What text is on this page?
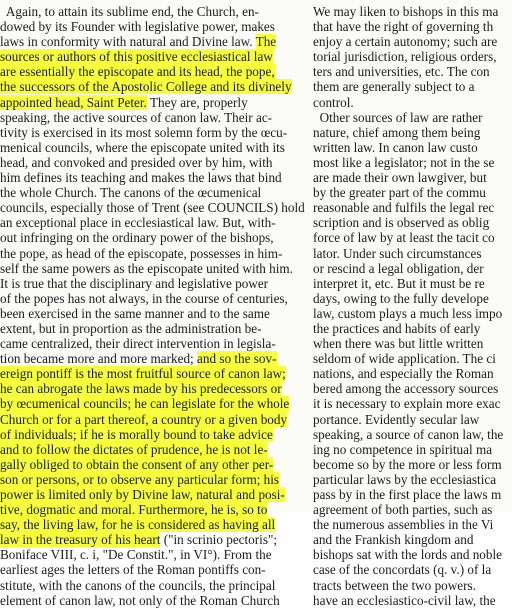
Again, to attain its sublime end, the Church, en-
dowed by its Founder with legislative power, makes
laws in conformity with natural and Divine law. The
sources or authors of this positive ecclesiastical law
are essentially the episcopate and its head, the pope,
the successors of the Apostolic College and its divinely
appointed head, Saint Peter. They are, properly
speaking, the active sources of canon law. Their ac-
tivity is exercised in its most solemn form by the œcu-
menical councils, where the episcopate united with its
head, and convoked and presided over by him, with
him defines its teaching and makes the laws that bind
the whole Church. The canons of the œcumenical
councils, especially those of Trent (see COUNCILS) hold
an exceptional place in ecclesiastical law. But, with-
out infringing on the ordinary power of the bishops,
the pope, as head of the episcopate, possesses in him-
self the same powers as the episcopate united with him.
It is true that the disciplinary and legislative power
of the popes has not always, in the course of centuries,
been exercised in the same manner and to the same
extent, but in proportion as the administration be-
came centralized, their direct intervention in legisla-
tion became more and more marked; and so the sov-
ereign pontiff is the most fruitful source of canon law;
he can abrogate the laws made by his predecessors or
by œcumenical councils; he can legislate for the whole
Church or for a part thereof, a country or a given body
of individuals; if he is morally bound to take advice
and to follow the dictates of prudence, he is not le-
gally obliged to obtain the consent of any other per-
son or persons, or to observe any particular form; his
power is limited only by Divine law, natural and posi-
tive, dogmatic and moral. Furthermore, he is, so to
say, the living law, for he is considered as having all
law in the treasury of his heart ("in scrinio pectoris";
Boniface VIII, c. i, "De Constit.", in VI°). From the
earliest ages the letters of the Roman pontiffs con-
stitute, with the canons of the councils, the principal
element of canon law, not only of the Roman Church
We may liken to bishops in this ma
that have the right of governing th
enjoy a certain autonomy; such are
torial jurisdiction, religious orders,
ters and universities, etc. The con
them are generally subject to a
control.
Other sources of law are rather
nature, chief among them being
written law. In canon law custo
most like a legislator; not in the se
are made their own lawgiver, but
by the greater part of the commu
reasonable and fulfils the legal rec
scription and is observed as oblig
force of law by at least the tacit co
lator. Under such circumstances
or rescind a legal obligation, der
interpret it, etc. But it must be re
days, owing to the fully develope
law, custom plays a much less impo
the practices and habits of early
when there was but little written
seldom of wide application. The ci
nations, and especially the Roman
bered among the accessory sources
it is necessary to explain more exac
portance. Evidently secular law
speaking, a source of canon law, the
ing no competence in spiritual ma
become so by the more or less form
particular laws by the ecclesiastica
pass by in the first place the laws m
agreement of both parties, such as
the numerous assemblies in the Vi
and the Frankish kingdom and
bishops sat with the lords and noble
case of the concordats (q. v.) of la
tracts between the two powers.
have an ecclesiastico-civil law, the
